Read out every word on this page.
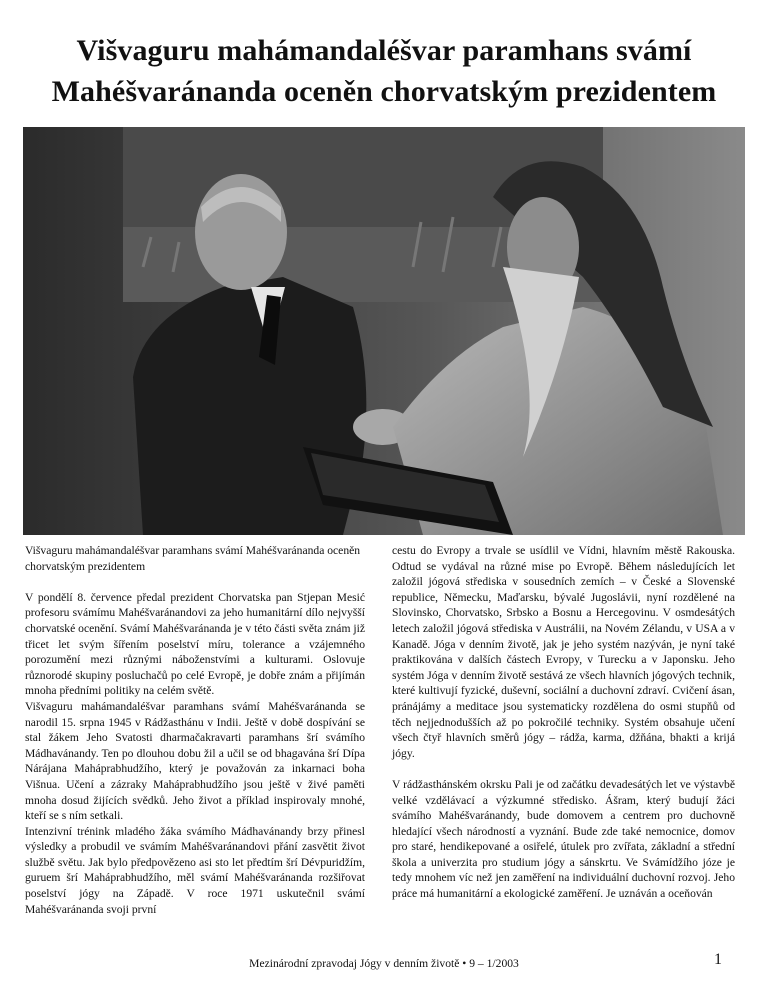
Višvaguru mahámandaléšvar paramhans svámí
Mahéšvaránanda oceněn chorvatským prezidentem

Višvaguru mahámandaléšvar paramhans svámí Mahéšvaránanda oceněn chorvatským prezidentem

V pondělí 8. července předal prezident Chorvatska pan Stjepan Mesić profesoru svámímu Mahéšvaránandovi za jeho humanitární dílo nejvyšší chorvatské ocenění. Svámí Mahéšvaránanda je v této části světa znám již třicet let svým šířením poselství míru, tolerance a vzájemného porozumění mezi různými náboženstvími a kulturami. Oslovuje různorodé skupiny posluchačů po celé Evropě, je dobře znám a přijímán mnoha předními politiky na celém světě.

Višvaguru mahámandaléšvar paramhans svámí Mahéšvaránanda se narodil 15. srpna 1945 v Rádžasthánu v Indii. Ještě v době dospívání se stal žákem Jeho Svatosti dharmačakravarti paramhans šrí svámího Mádhavánandy. Ten po dlouhou dobu žil a učil se od bhagavána šrí Dípa Nárájana Maháprabhudžího, který je považován za inkarnaci boha Višnua. Učení a zázraky Maháprabhudžího jsou ještě v živé paměti mnoha dosud žijících svědků. Jeho život a příklad inspirovaly mnohé, kteří se s ním setkali.

Intenzivní trénink mladého žáka svámího Mádhavánandy brzy přinesl výsledky a probudil ve svámím Mahéšvaránandovi přání zasvětit život službě světu. Jak bylo předpovězeno asi sto let předtím šrí Dévpuridžím, guruem šrí Maháprabhudžího, měl svámí Mahéšvaránanda rozšiřovat poselství jógy na Západě. V roce 1971 uskutečnil svámí Mahéšvaránanda svoji první

cestu do Evropy a trvale se usídlil ve Vídni, hlavním městě Rakouska. Odtud se vydával na různé mise po Evropě. Během následujících let založil jógová střediska v sousedních zemích – v České a Slovenské republice, Německu, Maďarsku, bývalé Jugoslávii, nyní rozdělené na Slovinsko, Chorvatsko, Srbsko a Bosnu a Hercegovinu. V osmdesátých letech založil jógová střediska v Austrálii, na Novém Zélandu, v USA a v Kanadě. Jóga v denním životě, jak je jeho systém nazýván, je nyní také praktikována v dalších částech Evropy, v Turecku a v Japonsku. Jeho systém Jóga v denním životě sestává ze všech hlavních jógových technik, které kultivují fyzické, duševní, sociální a duchovní zdraví. Cvičení ásan, pránájámy a meditace jsou systematicky rozdělena do osmi stupňů od těch nejjednodušších až po pokročilé techniky. Systém obsahuje učení všech čtyř hlavních směrů jógy – rádža, karma, džňána, bhakti a krijá jógy.

V rádžasthánském okrsku Pali je od začátku devadesátých let ve výstavbě velké vzdělávací a výzkumné středisko. Ášram, který budují žáci svámího Mahéšvaránandy, bude domovem a centrem pro duchovně hledající všech národností a vyznání. Bude zde také nemocnice, domov pro staré, hendikepované a osiřelé, útulek pro zvířata, základní a střední škola a univerzita pro studium jógy a sánskrtu. Ve Svámídžího józe je tedy mnohem víc než jen zaměření na individuální duchovní rozvoj. Jeho práce má humanitární a ekologické zaměření. Je uznáván a oceňován

Mezinárodní zpravodaj Jógy v denním životě • 9 – 1/2003	1
